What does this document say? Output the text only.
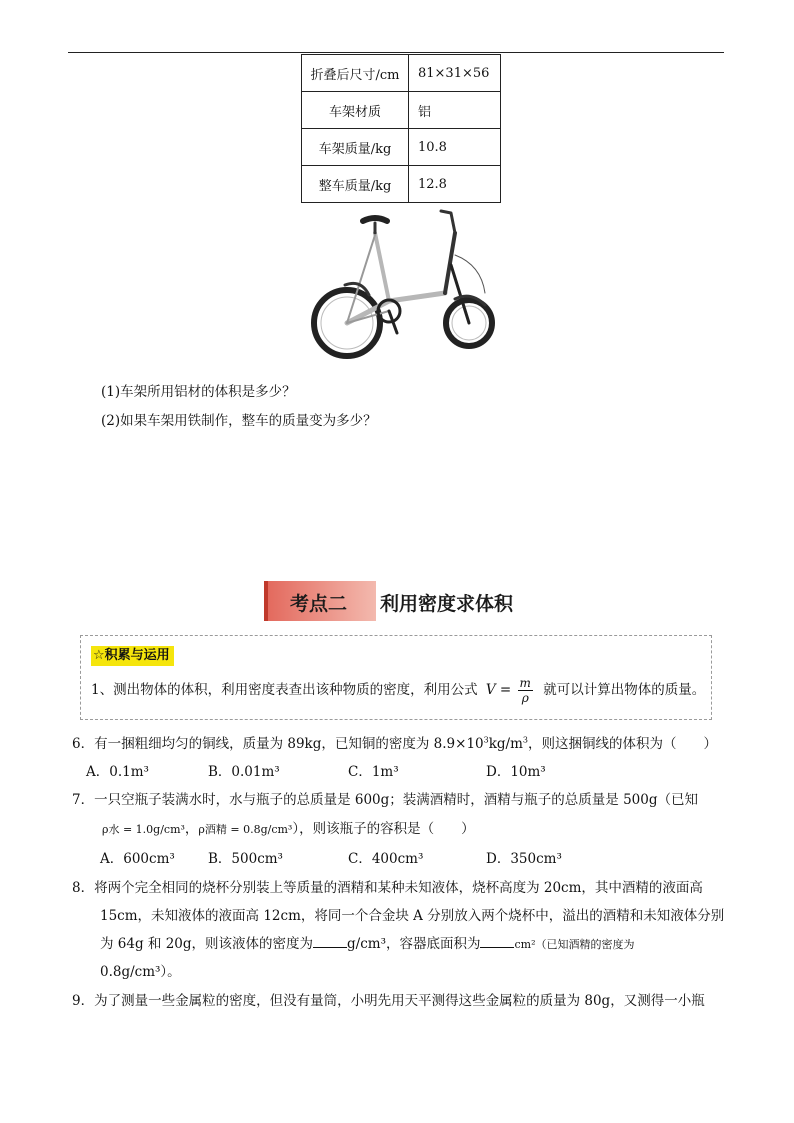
折叠后尺寸/cm	81×31×56
车架材质	铝
车架质量/kg	10.8
整车质量/kg	12.8
(1)车架所用铝材的体积是多少？
(2)如果车架用铁制作，整车的质量变为多少？
考点二 利用密度求体积
☆积累与运用
1、测出物体的体积，利用密度表查出该种物质的密度，利用公式 $V = \frac{m}{\rho}$ 就可以计算出物体的质量。
6．有一捆粗细均匀的铜线，质量为 89kg，已知铜的密度为 $8.9\times 10^3kg/m^3$，则这捆铜线的体积为（　　）
A．0.1m³	B．0.01m³	C．1m³	D．10m³
7．一只空瓶子装满水时，水与瓶子的总质量是 600g；装满酒精时，酒精与瓶子的总质量是 500g（已知
ρ水 = 1.0g/cm³，ρ酒精 = 0.8g/cm³），则该瓶子的容积是（　　）
A．600cm³ B．500cm³	C．400cm³	D．350cm³
8．将两个完全相同的烧杯分别装上等质量的酒精和某种未知液体，烧杯高度为 20cm，其中酒精的液面高
15cm，未知液体的液面高 12cm，将同一个合金块 A 分别放入两个烧杯中，溢出的酒精和未知液体分别
为 64g 和 20g，则该液体的密度为	g/cm³，容器底面积为	cm²（已知酒精的密度为
0.8g/cm³）。
9．为了测量一些金属粒的密度，但没有量筒，小明先用天平测得这些金属粒的质量为 80g，又测得一小瓶
